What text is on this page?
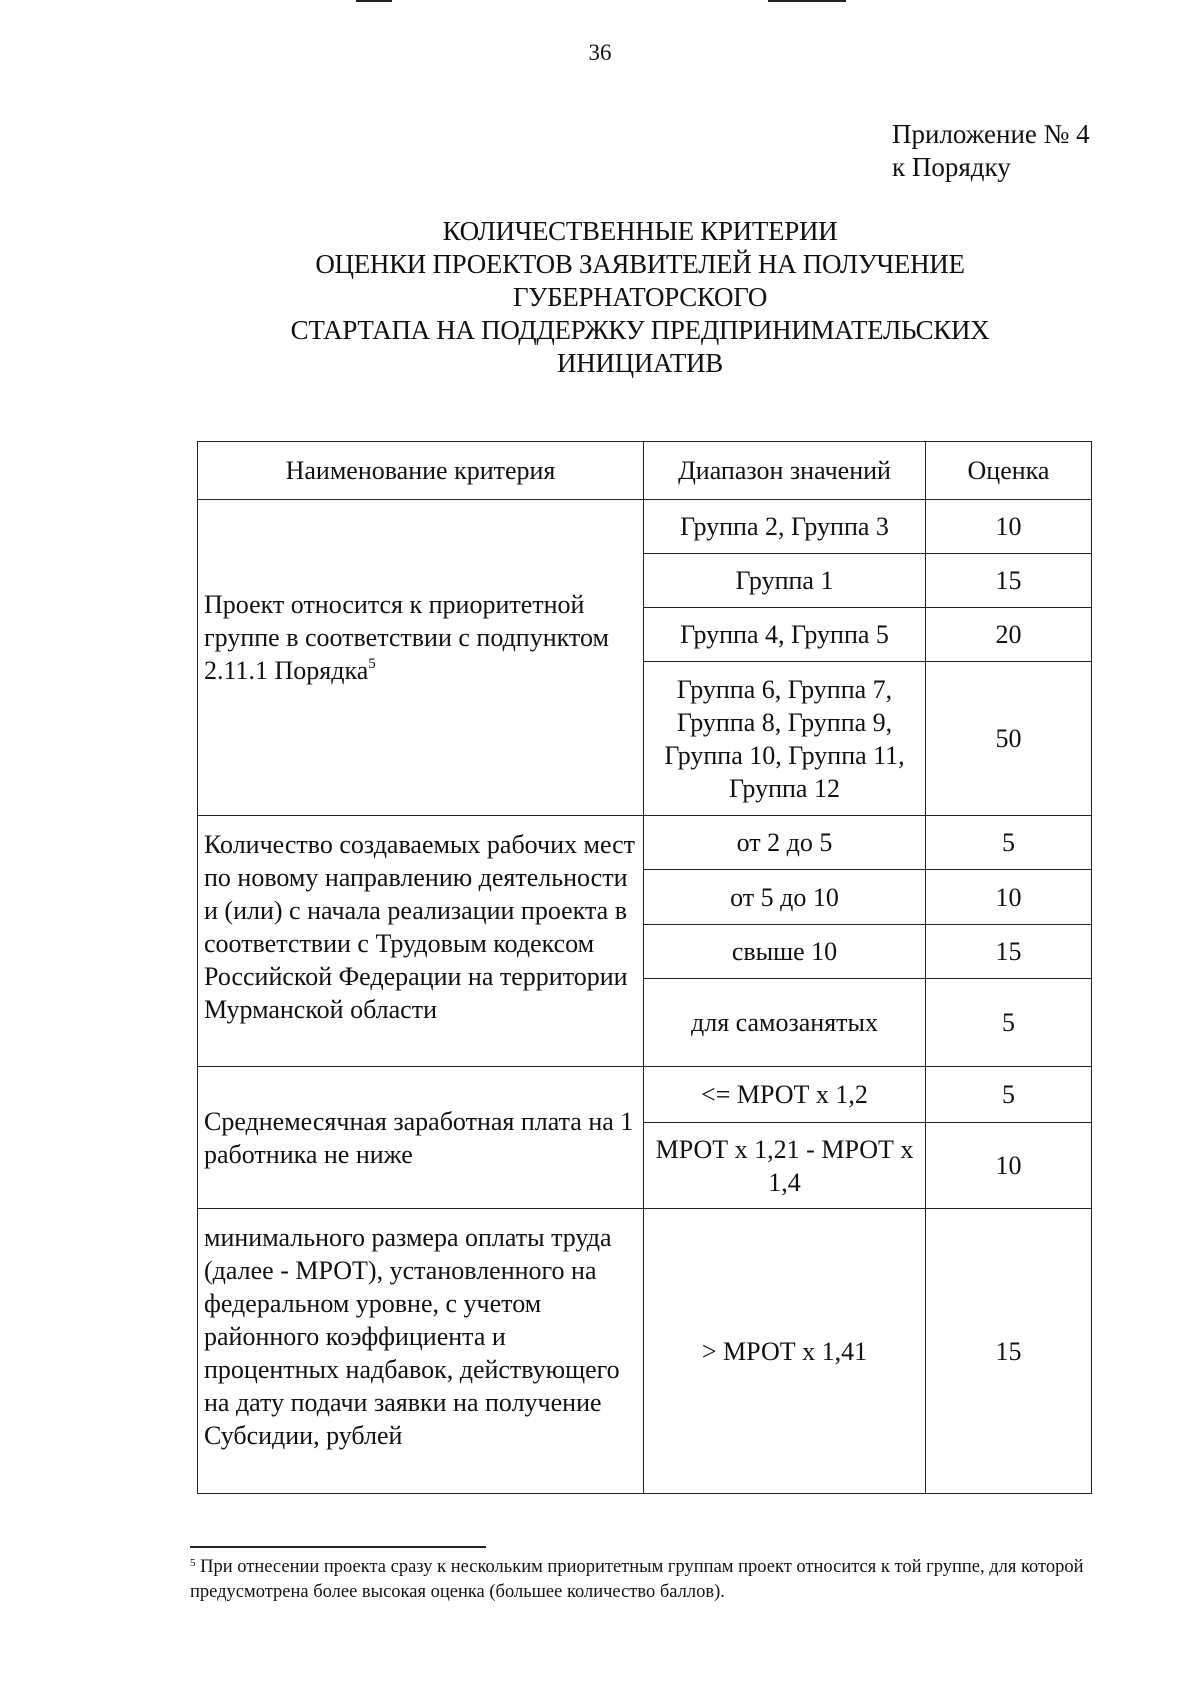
36
Приложение № 4
к Порядку
КОЛИЧЕСТВЕННЫЕ КРИТЕРИИ
ОЦЕНКИ ПРОЕКТОВ ЗАЯВИТЕЛЕЙ НА ПОЛУЧЕНИЕ
ГУБЕРНАТОРСКОГО
СТАРТАПА НА ПОДДЕРЖКУ ПРЕДПРИНИМАТЕЛЬСКИХ
ИНИЦИАТИВ
Наименование критерия	Диапазон значений	Оценка
Проект относится к приоритетной группе в соответствии с подпунктом 2.11.1 Порядка$^5$	Группа 2, Группа 3	10
	Группа 1	15
	Группа 4, Группа 5	20
	Группа 6, Группа 7, Группа 8, Группа 9, Группа 10, Группа 11, Группа 12	50
Количество создаваемых рабочих мест по новому направлению деятельности и (или) с начала реализации проекта в соответствии с Трудовым кодексом Российской Федерации на территории Мурманской области	от 2 до 5	5
	от 5 до 10	10
	свыше 10	15
	для самозанятых	5
Среднемесячная заработная плата на 1 работника не ниже	<= МРОТ x 1,2	5
	МРОТ x 1,21 - МРОТ x 1,4	10
минимального размера оплаты труда (далее - МРОТ), установленного на федеральном уровне, с учетом районного коэффициента и процентных надбавок, действующего на дату подачи заявки на получение Субсидии, рублей	> МРОТ x 1,41	15
$^5$ При отнесении проекта сразу к нескольким приоритетным группам проект относится к той группе, для которой предусмотрена более высокая оценка (большее количество баллов).
